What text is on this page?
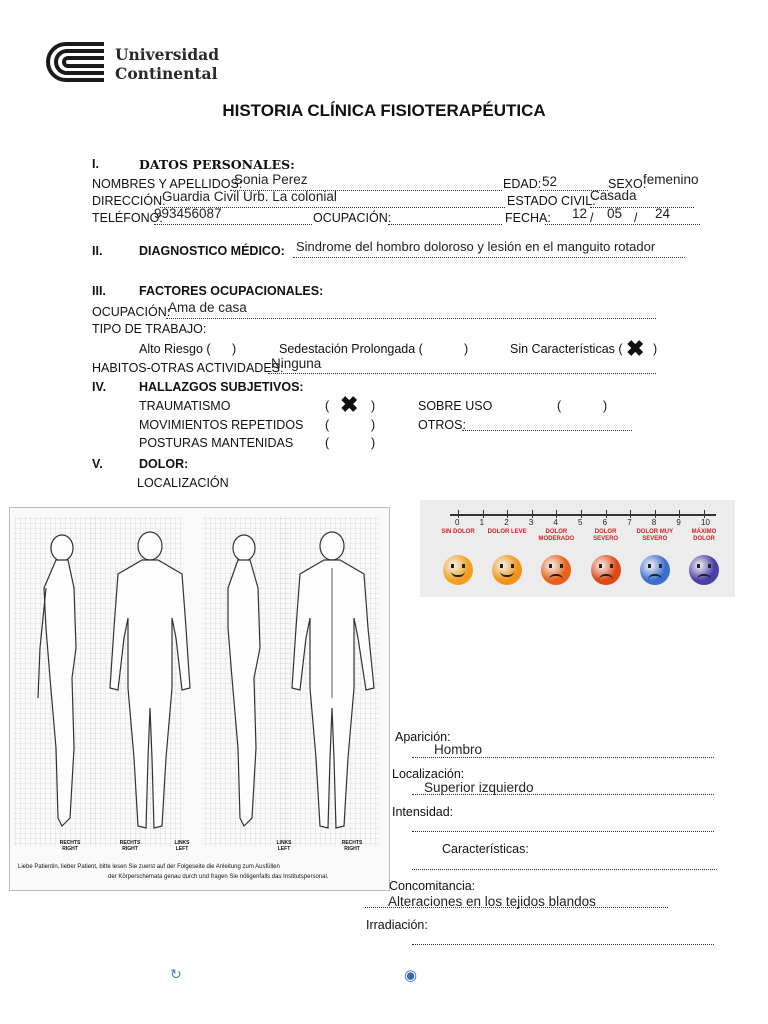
Universidad
Continental
HISTORIA CLÍNICA FISIOTERAPÉUTICA
I.	DATOS PERSONALES:
NOMBRES Y APELLIDOS:
Sonia Perez	EDAD: 52	SEXO:
femenino
DIRECCIÓN:
Guardia Civil Urb. La colonial	ESTADO CIVIL:
Casada
TELÉFONO:
993456087	OCUPACIÓN:	FECHA: 12 / 05 / 24
II.	DIAGNOSTICO MÉDICO: Sindrome del hombro doloroso y lesión en el manguito rotador
III.	FACTORES OCUPACIONALES:
OCUPACIÓN:
Ama de casa
TIPO DE TRABAJO:
Alto Riesgo ( )	Sedestación Prolongada (	)	Sin Características ( ✖ )
HABITOS-OTRAS ACTIVIDADES:
Ninguna
IV.	HALLAZGOS SUBJETIVOS:
TRAUMATISMO	( ✖ )	SOBRE USO	(	)
MOVIMIENTOS REPETIDOS (	)	OTROS:
POSTURAS MANTENIDAS	(	)
V.	DOLOR:
LOCALIZACIÓN
RECHTS RIGHT
RECHTS RIGHT
LINKS LEFT
LINKS LEFT
RECHTS RIGHT
Liebe Patientin, lieber Patient, bitte lesen Sie zuerst auf der Folgeseite die Anleitung zum Ausfüllen
der Körperschemata genau durch und fragen Sie nötigenfalls das Institutspersonal.
0	1	2	3	4	5	6	7	8	9	10
SIN DOLOR	DOLOR LEVE	DOLOR MODERADO
DOLOR SEVERO
DOLOR MUY SEVERO
MÁXIMO DOLOR
Aparición:
Hombro
Localización:
Superior izquierdo
Intensidad:
Características:
Concomitancia:
Alteraciones en los tejidos blandos
Irradiación:
↻	◉
